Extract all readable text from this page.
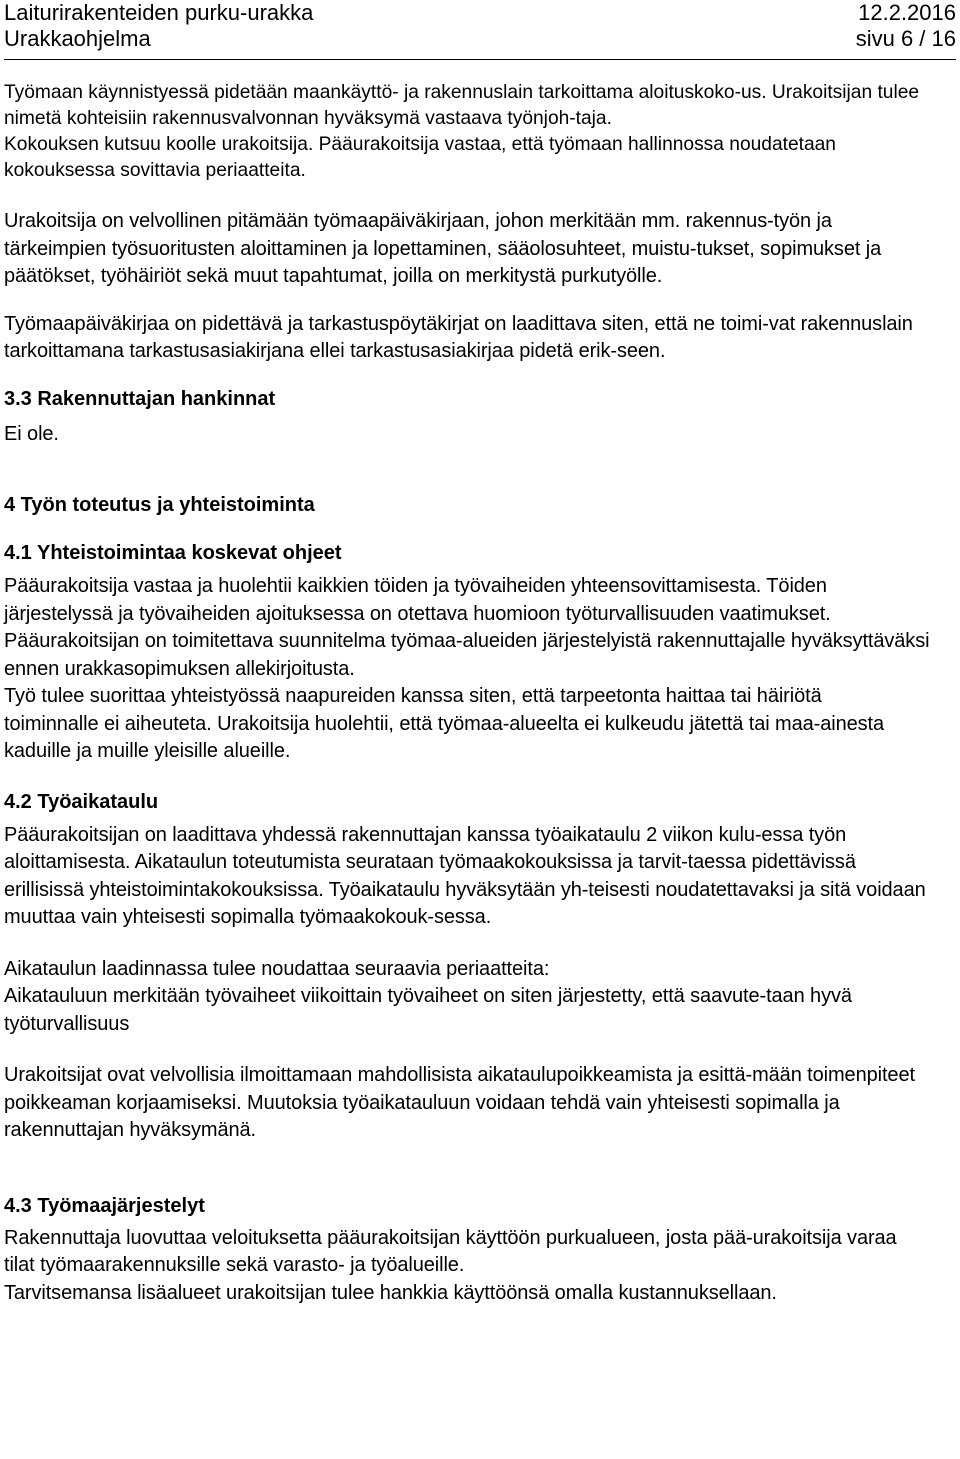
Laiturirakenteiden purku-urakka	12.2.2016
Urakkaohjelma	sivu 6 / 16

Työmaan käynnistyessä pidetään maankäyttö- ja rakennuslain tarkoittama aloituskoko-us. Urakoitsijan tulee nimetä kohteisiin rakennusvalvonnan hyväksymä vastaava työnjoh-taja.

Kokouksen kutsuu koolle urakoitsija. Pääurakoitsija vastaa, että työmaan hallinnossa noudatetaan kokouksessa sovittavia periaatteita.

Urakoitsija on velvollinen pitämään työmaapäiväkirjaan, johon merkitään mm. rakennus-työn ja tärkeimpien työsuoritusten aloittaminen ja lopettaminen, sääolosuhteet, muistu-tukset, sopimukset ja päätökset, työhäiriöt sekä muut tapahtumat, joilla on merkitystä purkutyölle.

Työmaapäiväkirjaa on pidettävä ja tarkastuspöytäkirjat on laadittava siten, että ne toimi-vat rakennuslain tarkoittamana tarkastusasiakirjana ellei tarkastusasiakirjaa pidetä erik-seen.

3.3 Rakennuttajan hankinnat

Ei ole.

4 Työn toteutus ja yhteistoiminta
4.1 Yhteistoimintaa koskevat ohjeet

Pääurakoitsija vastaa ja huolehtii kaikkien töiden ja työvaiheiden yhteensovittamisesta. Töiden järjestelyssä ja työvaiheiden ajoituksessa on otettava huomioon työturvallisuuden vaatimukset. Pääurakoitsijan on toimitettava suunnitelma työmaa-alueiden järjestelyistä rakennuttajalle hyväksyttäväksi ennen urakkasopimuksen allekirjoitusta.

Työ tulee suorittaa yhteistyössä naapureiden kanssa siten, että tarpeetonta haittaa tai häiriötä toiminnalle ei aiheuteta. Urakoitsija huolehtii, että työmaa-alueelta ei kulkeudu jätettä tai maa-ainesta kaduille ja muille yleisille alueille.

4.2 Työaikataulu

Pääurakoitsijan on laadittava yhdessä rakennuttajan kanssa työaikataulu 2 viikon kulu-essa työn aloittamisesta. Aikataulun toteutumista seurataan työmaakokouksissa ja tarvit-taessa pidettävissä erillisissä yhteistoimintakokouksissa. Työaikataulu hyväksytään yh-teisesti noudatettavaksi ja sitä voidaan muuttaa vain yhteisesti sopimalla työmaakokouk-sessa.

Aikataulun laadinnassa tulee noudattaa seuraavia periaatteita:

Aikatauluun merkitään työvaiheet viikoittain työvaiheet on siten järjestetty, että saavute-taan hyvä työturvallisuus

Urakoitsijat ovat velvollisia ilmoittamaan mahdollisista aikataulupoikkeamista ja esittä-mään toimenpiteet poikkeaman korjaamiseksi. Muutoksia työaikatauluun voidaan tehdä vain yhteisesti sopimalla ja rakennuttajan hyväksymänä.

4.3 Työmaajärjestelyt

Rakennuttaja luovuttaa veloituksetta pääurakoitsijan käyttöön purkualueen, josta pää-urakoitsija varaa tilat työmaarakennuksille sekä varasto- ja työalueille.

Tarvitsemansa lisäalueet urakoitsijan tulee hankkia käyttöönsä omalla kustannuksellaan.
